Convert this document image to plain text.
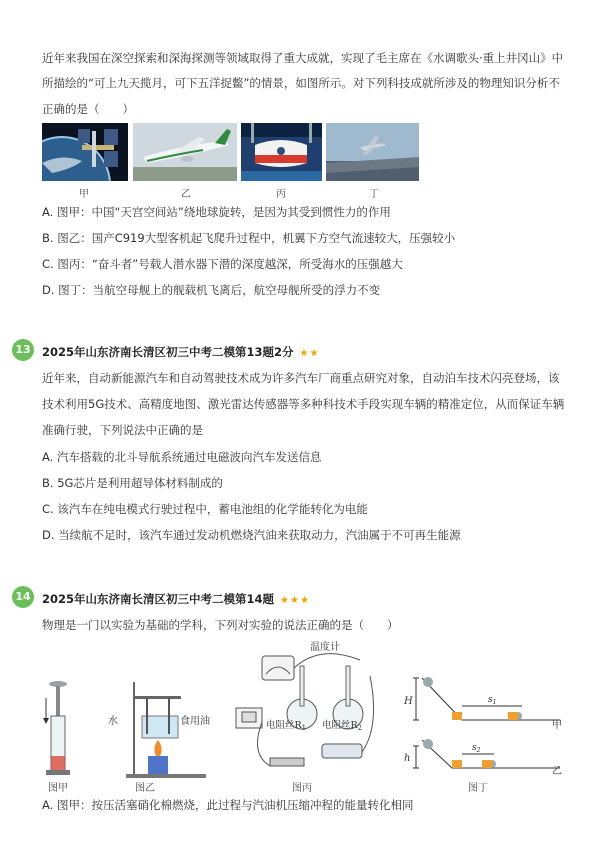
近年来我国在深空探索和深海探测等领域取得了重大成就，实现了毛主席在《水调歌头·重上井冈山》中
所描绘的“可上九天揽月，可下五洋捉鳖”的情景，如图所示。对下列科技成就所涉及的物理知识分析不
正确的是（　　）
甲	乙	丙	丁
A. 图甲：中国“天宫空间站”绕地球旋转，是因为其受到惯性力的作用
B. 图乙：国产C919大型客机起飞爬升过程中，机翼下方空气流速较大，压强较小
C. 图丙：“奋斗者”号载人潜水器下潜的深度越深，所受海水的压强越大
D. 图丁：当航空母舰上的舰载机飞离后，航空母舰所受的浮力不变
13 2025年山东济南长清区初三中考二模第13题2分 ★★
近年来，自动新能源汽车和自动驾驶技术成为许多汽车厂商重点研究对象，自动泊车技术闪亮登场，该
技术利用5G技术、高精度地图、激光雷达传感器等多种科技术手段实现车辆的精准定位，从而保证车辆
准确行驶，下列说法中正确的是
A. 汽车搭载的北斗导航系统通过电磁波向汽车发送信息
B. 5G芯片是利用超导体材料制成的
C. 该汽车在纯电模式行驶过程中，蓄电池组的化学能转化为电能
D. 当续航不足时，该汽车通过发动机燃烧汽油来获取动力，汽油属于不可再生能源
14 2025年山东济南长清区初三中考二模第14题 ★★★
物理是一门以实验为基础的学科，下列对实验的说法正确的是（　　）
水	食用油
温度计
电阻丝$R_1$ 电阻丝$R_2$
H	$s_1$
甲
h
$s_2$
乙
图甲	图乙	图丙	图丁
A. 图甲：按压活塞硝化棉燃烧，此过程与汽油机压缩冲程的能量转化相同
